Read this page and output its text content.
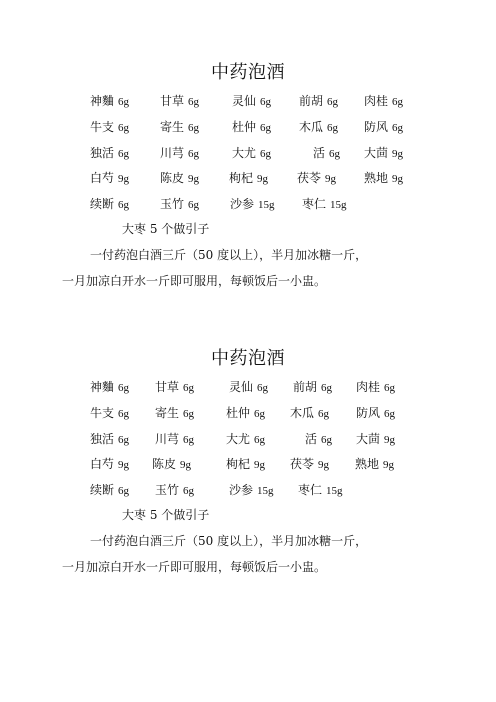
中药泡酒
神麯 6g	甘草 6g	灵仙 6g 前胡 6g 肉桂 6g
牛支 6g	寄生 6g	杜仲 6g 木瓜 6g 防风 6g
独活 6g	川芎 6g	大尤 6g	活 6g 大茴 9g
白芍 9g	陈皮 9g 枸杞 9g 茯苓 9g 熟地 9g
续断 6g	玉竹 6g	沙参 15g 枣仁 15g
大枣 5 个做引子
一付药泡白酒三斤（50 度以上），半月加冰糖一斤，
一月加凉白开水一斤即可服用，每顿饭后一小盅。
中药泡酒
神麯 6g 甘草 6g	灵仙 6g 前胡 6g 肉桂 6g
牛支 6g 寄生 6g	杜仲 6g 木瓜 6g 防风 6g
独活 6g 川芎 6g	大尤 6g	活 6g 大茴 9g
白芍 9g 陈皮 9g	枸杞 9g 茯苓 9g 熟地 9g
续断 6g 玉竹 6g	沙参 15g 枣仁 15g
大枣 5 个做引子
一付药泡白酒三斤（50 度以上），半月加冰糖一斤，
一月加凉白开水一斤即可服用，每顿饭后一小盅。
